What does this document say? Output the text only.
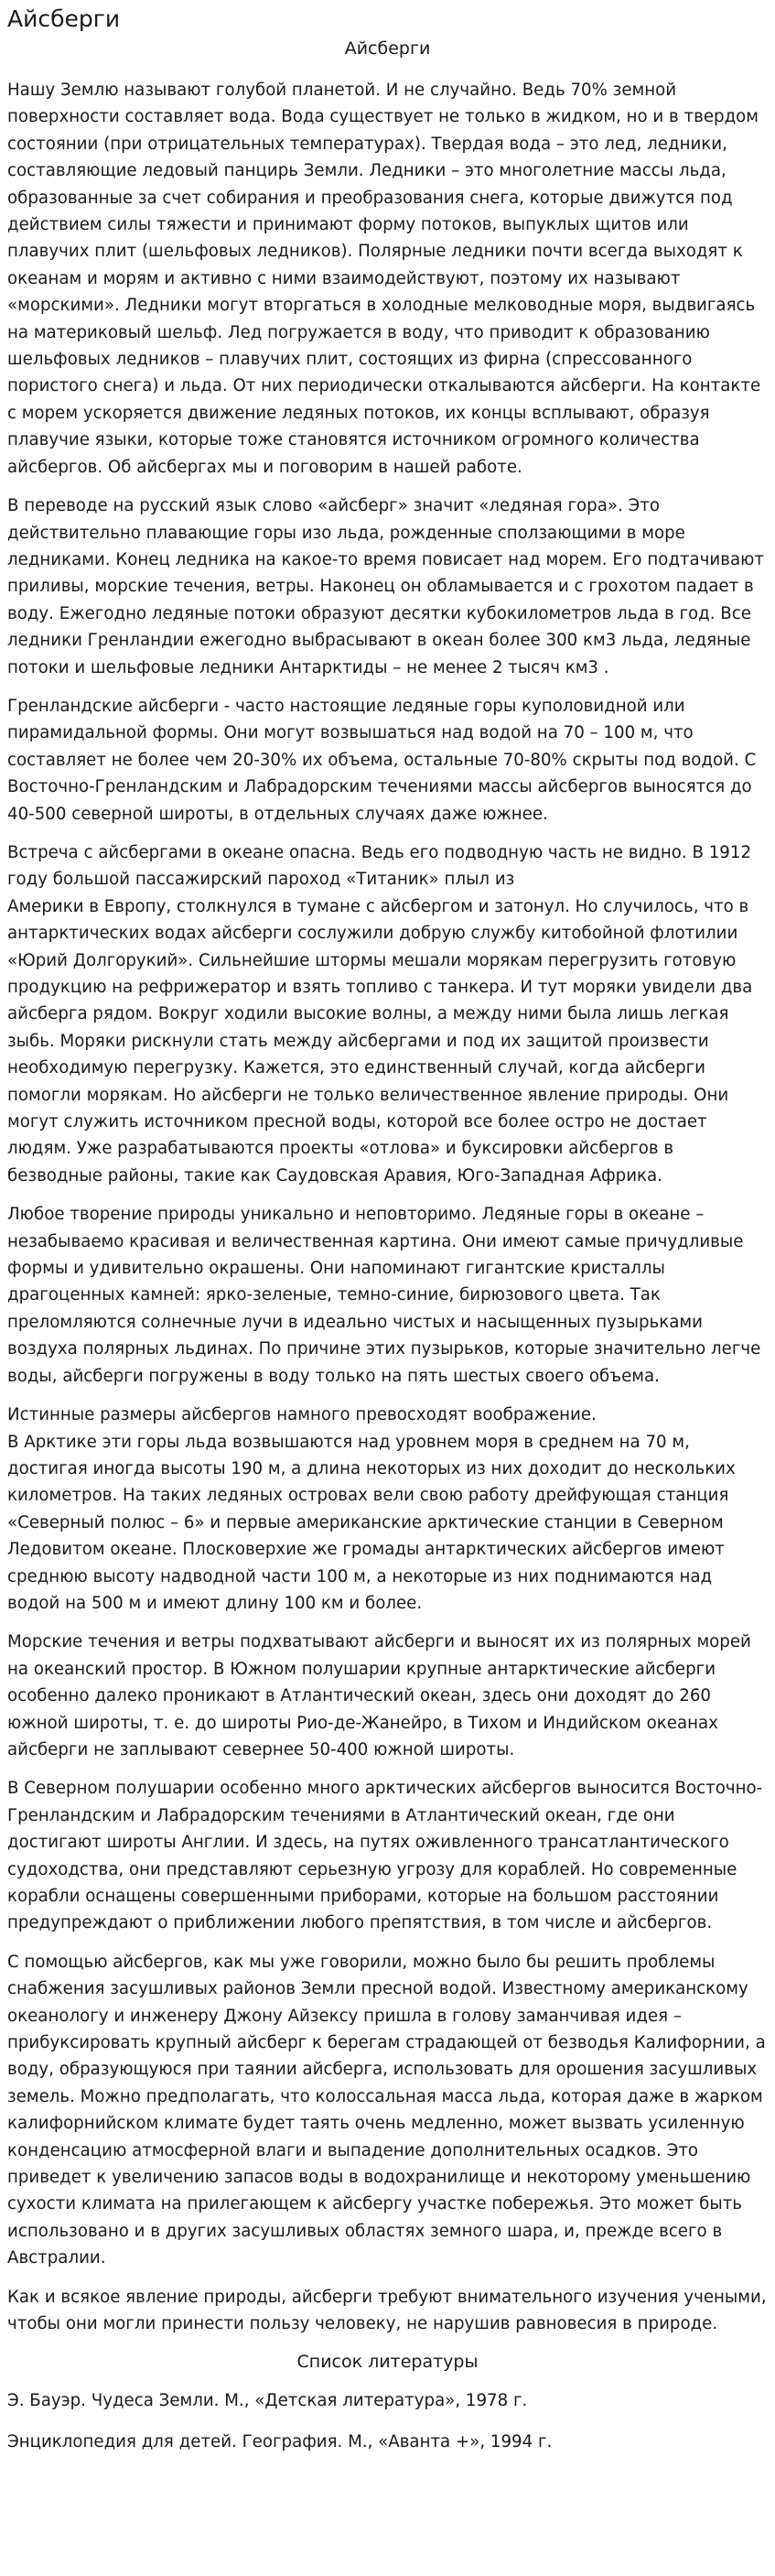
Айсберги
Айсберги

Нашу Землю называют голубой планетой. И не случайно. Ведь 70% земной поверхности составляет вода. Вода существует не только в жидком, но и в твердом состоянии (при отрицательных температурах). Твердая вода – это лед, ледники, составляющие ледовый панцирь Земли. Ледники – это многолетние массы льда, образованные за счет собирания и преобразования снега, которые движутся под действием силы тяжести и принимают форму потоков, выпуклых щитов или плавучих плит (шельфовых ледников). Полярные ледники почти всегда выходят к океанам и морям и активно с ними взаимодействуют, поэтому их называют «морскими». Ледники могут вторгаться в холодные мелководные моря, выдвигаясь на материковый шельф. Лед погружается в воду, что приводит к образованию шельфовых ледников – плавучих плит, состоящих из фирна (спрессованного пористого снега) и льда. От них периодически откалываются айсберги. На контакте с морем ускоряется движение ледяных потоков, их концы всплывают, образуя плавучие языки, которые тоже становятся источником огромного количества айсбергов. Об айсбергах мы и поговорим в нашей работе.

В переводе на русский язык слово «айсберг» значит «ледяная гора». Это действительно плавающие горы изо льда, рожденные сползающими в море ледниками. Конец ледника на какое-то время повисает над морем. Его подтачивают приливы, морские течения, ветры. Наконец он обламывается и с грохотом падает в воду. Ежегодно ледяные потоки образуют десятки кубокилометров льда в год. Все ледники Гренландии ежегодно выбрасывают в океан более 300 км3 льда, ледяные потоки и шельфовые ледники Антарктиды – не менее 2 тысяч км3 .

Гренландские айсберги - часто настоящие ледяные горы куполовидной или пирамидальной формы. Они могут возвышаться над водой на 70 – 100 м, что составляет не более чем 20-30% их объема, остальные 70-80% скрыты под водой. С Восточно-Гренландским и Лабрадорским течениями массы айсбергов выносятся до 40-500 северной широты, в отдельных случаях даже южнее.

Встреча с айсбергами в океане опасна. Ведь его подводную часть не видно. В 1912 году большой пассажирский пароход «Титаник» плыл из
Америки в Европу, столкнулся в тумане с айсбергом и затонул. Но случилось, что в антарктических водах айсберги сослужили добрую службу китобойной флотилии «Юрий Долгорукий». Сильнейшие штормы мешали морякам перегрузить готовую продукцию на рефрижератор и взять топливо с танкера. И тут моряки увидели два айсберга рядом. Вокруг ходили высокие волны, а между ними была лишь легкая зыбь. Моряки рискнули стать между айсбергами и под их защитой произвести необходимую перегрузку. Кажется, это единственный случай, когда айсберги помогли морякам. Но айсберги не только величественное явление природы. Они могут служить источником пресной воды, которой все более остро не достает людям. Уже разрабатываются проекты «отлова» и буксировки айсбергов в безводные районы, такие как Саудовская Аравия, Юго-Западная Африка.

Любое творение природы уникально и неповторимо. Ледяные горы в океане – незабываемо красивая и величественная картина. Они имеют самые причудливые формы и удивительно окрашены. Они напоминают гигантские кристаллы драгоценных камней: ярко-зеленые, темно-синие, бирюзового цвета. Так преломляются солнечные лучи в идеально чистых и насыщенных пузырьками воздуха полярных льдинах. По причине этих пузырьков, которые значительно легче воды, айсберги погружены в воду только на пять шестых своего объема.

Истинные размеры айсбергов намного превосходят воображение.
В Арктике эти горы льда возвышаются над уровнем моря в среднем на 70 м, достигая иногда высоты 190 м, а длина некоторых из них доходит до нескольких километров. На таких ледяных островах вели свою работу дрейфующая станция «Северный полюс – 6» и первые американские арктические станции в Северном Ледовитом океане. Плосковерхие же громады антарктических айсбергов имеют среднюю высоту надводной части 100 м, а некоторые из них поднимаются над водой на 500 м и имеют длину 100 км и более.

Морские течения и ветры подхватывают айсберги и выносят их из полярных морей на океанский простор. В Южном полушарии крупные антарктические айсберги особенно далеко проникают в Атлантический океан, здесь они доходят до 260 южной широты, т. е. до широты Рио-де-Жанейро, в Тихом и Индийском океанах айсберги не заплывают севернее 50-400 южной широты.

В Северном полушарии особенно много арктических айсбергов выносится Восточно-Гренландским и Лабрадорским течениями в Атлантический океан, где они достигают широты Англии. И здесь, на путях оживленного трансатлантического судоходства, они представляют серьезную угрозу для кораблей. Но современные корабли оснащены совершенными приборами, которые на большом расстоянии предупреждают о приближении любого препятствия, в том числе и айсбергов.

С помощью айсбергов, как мы уже говорили, можно было бы решить проблемы снабжения засушливых районов Земли пресной водой. Известному американскому океанологу и инженеру Джону Айзексу пришла в голову заманчивая идея – прибуксировать крупный айсберг к берегам страдающей от безводья Калифорнии, а воду, образующуюся при таянии айсберга, использовать для орошения засушливых земель. Можно предполагать, что колоссальная масса льда, которая даже в жарком калифорнийском климате будет таять очень медленно, может вызвать усиленную конденсацию атмосферной влаги и выпадение дополнительных осадков. Это приведет к увеличению запасов воды в водохранилище и некоторому уменьшению сухости климата на прилегающем к айсбергу участке побережья. Это может быть использовано и в других засушливых областях земного шара, и, прежде всего в Австралии.

Как и всякое явление природы, айсберги требуют внимательного изучения учеными, чтобы они могли принести пользу человеку, не нарушив равновесия в природе.

Список литературы

Э. Бауэр. Чудеса Земли. М., «Детская литература», 1978 г.

Энциклопедия для детей. География. М., «Аванта +», 1994 г.
